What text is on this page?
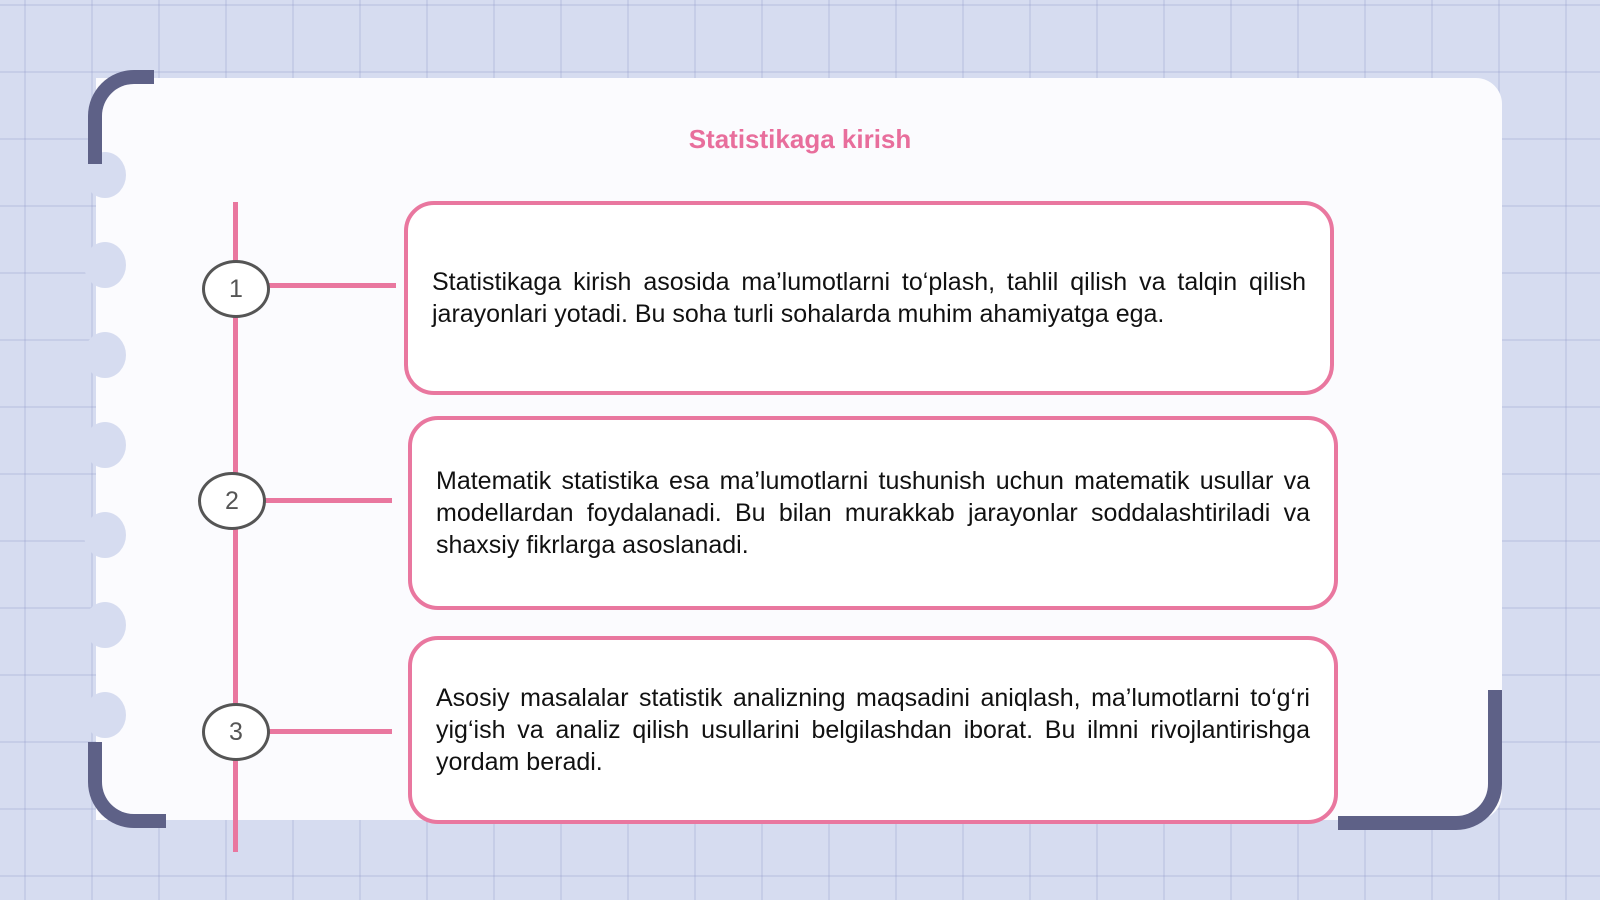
Statistikaga kirish
1
2
3
Statistikaga kirish asosida ma’lumotlarni to‘plash, tahlil qilish va talqin qilish jarayonlari yotadi. Bu soha turli sohalarda muhim ahamiyatga ega.
Matematik statistika esa ma’lumotlarni tushunish uchun matematik usullar va modellardan foydalanadi. Bu bilan murakkab jarayonlar soddalashtiriladi va shaxsiy fikrlarga asoslanadi.
Asosiy masalalar statistik analizning maqsadini aniqlash, ma’lumotlarni to‘g‘ri yig‘ish va analiz qilish usullarini belgilashdan iborat. Bu ilmni rivojlantirishga yordam beradi.
